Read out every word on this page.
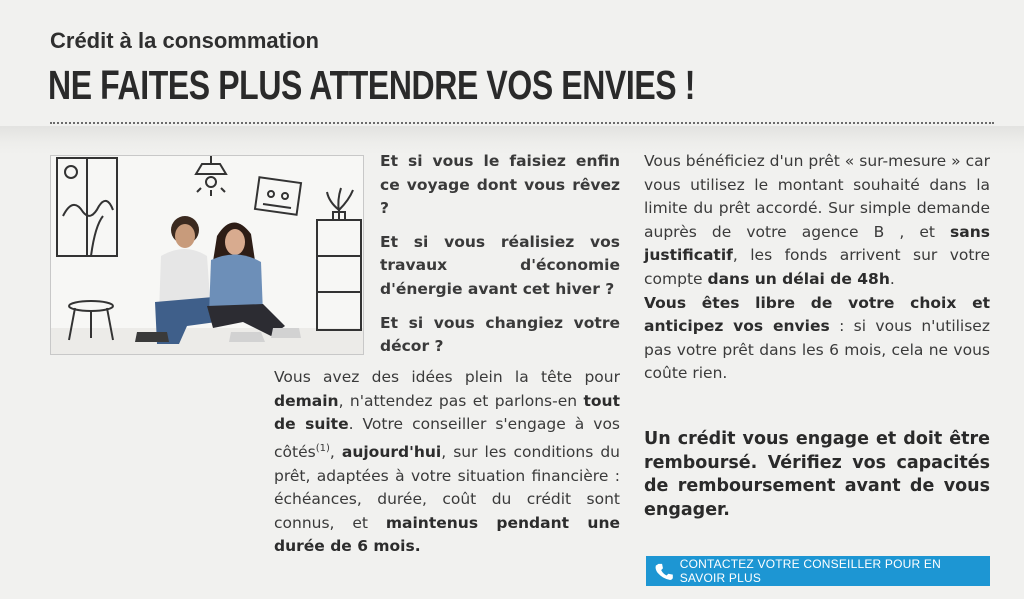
Crédit à la consommation
NE FAITES PLUS ATTENDRE VOS ENVIES !

Et si vous le faisiez enfin ce voyage dont vous rêvez ?

Et si vous réalisiez vos travaux d'économie d'énergie avant cet hiver ?

Et si vous changiez votre décor ?

Vous avez des idées plein la tête pour demain, n'attendez pas et parlons-en tout de suite. Votre conseiller s'engage à vos côtés$^{(1)}$, aujourd'hui, sur les conditions du prêt, adaptées à votre situation financière : échéances, durée, coût du crédit sont connus, et maintenus pendant une durée de 6 mois.

Vous bénéficiez d'un prêt « sur-mesure » car vous utilisez le montant souhaité dans la limite du prêt accordé. Sur simple demande auprès de votre agence B , et sans justificatif, les fonds arrivent sur votre compte dans un délai de 48h.

Vous êtes libre de votre choix et anticipez vos envies : si vous n'utilisez pas votre prêt dans les 6 mois, cela ne vous coûte rien.

Un crédit vous engage et doit être remboursé. Vérifiez vos capacités de remboursement avant de vous engager.
CONTACTEZ VOTRE CONSEILLER POUR EN SAVOIR PLUS
